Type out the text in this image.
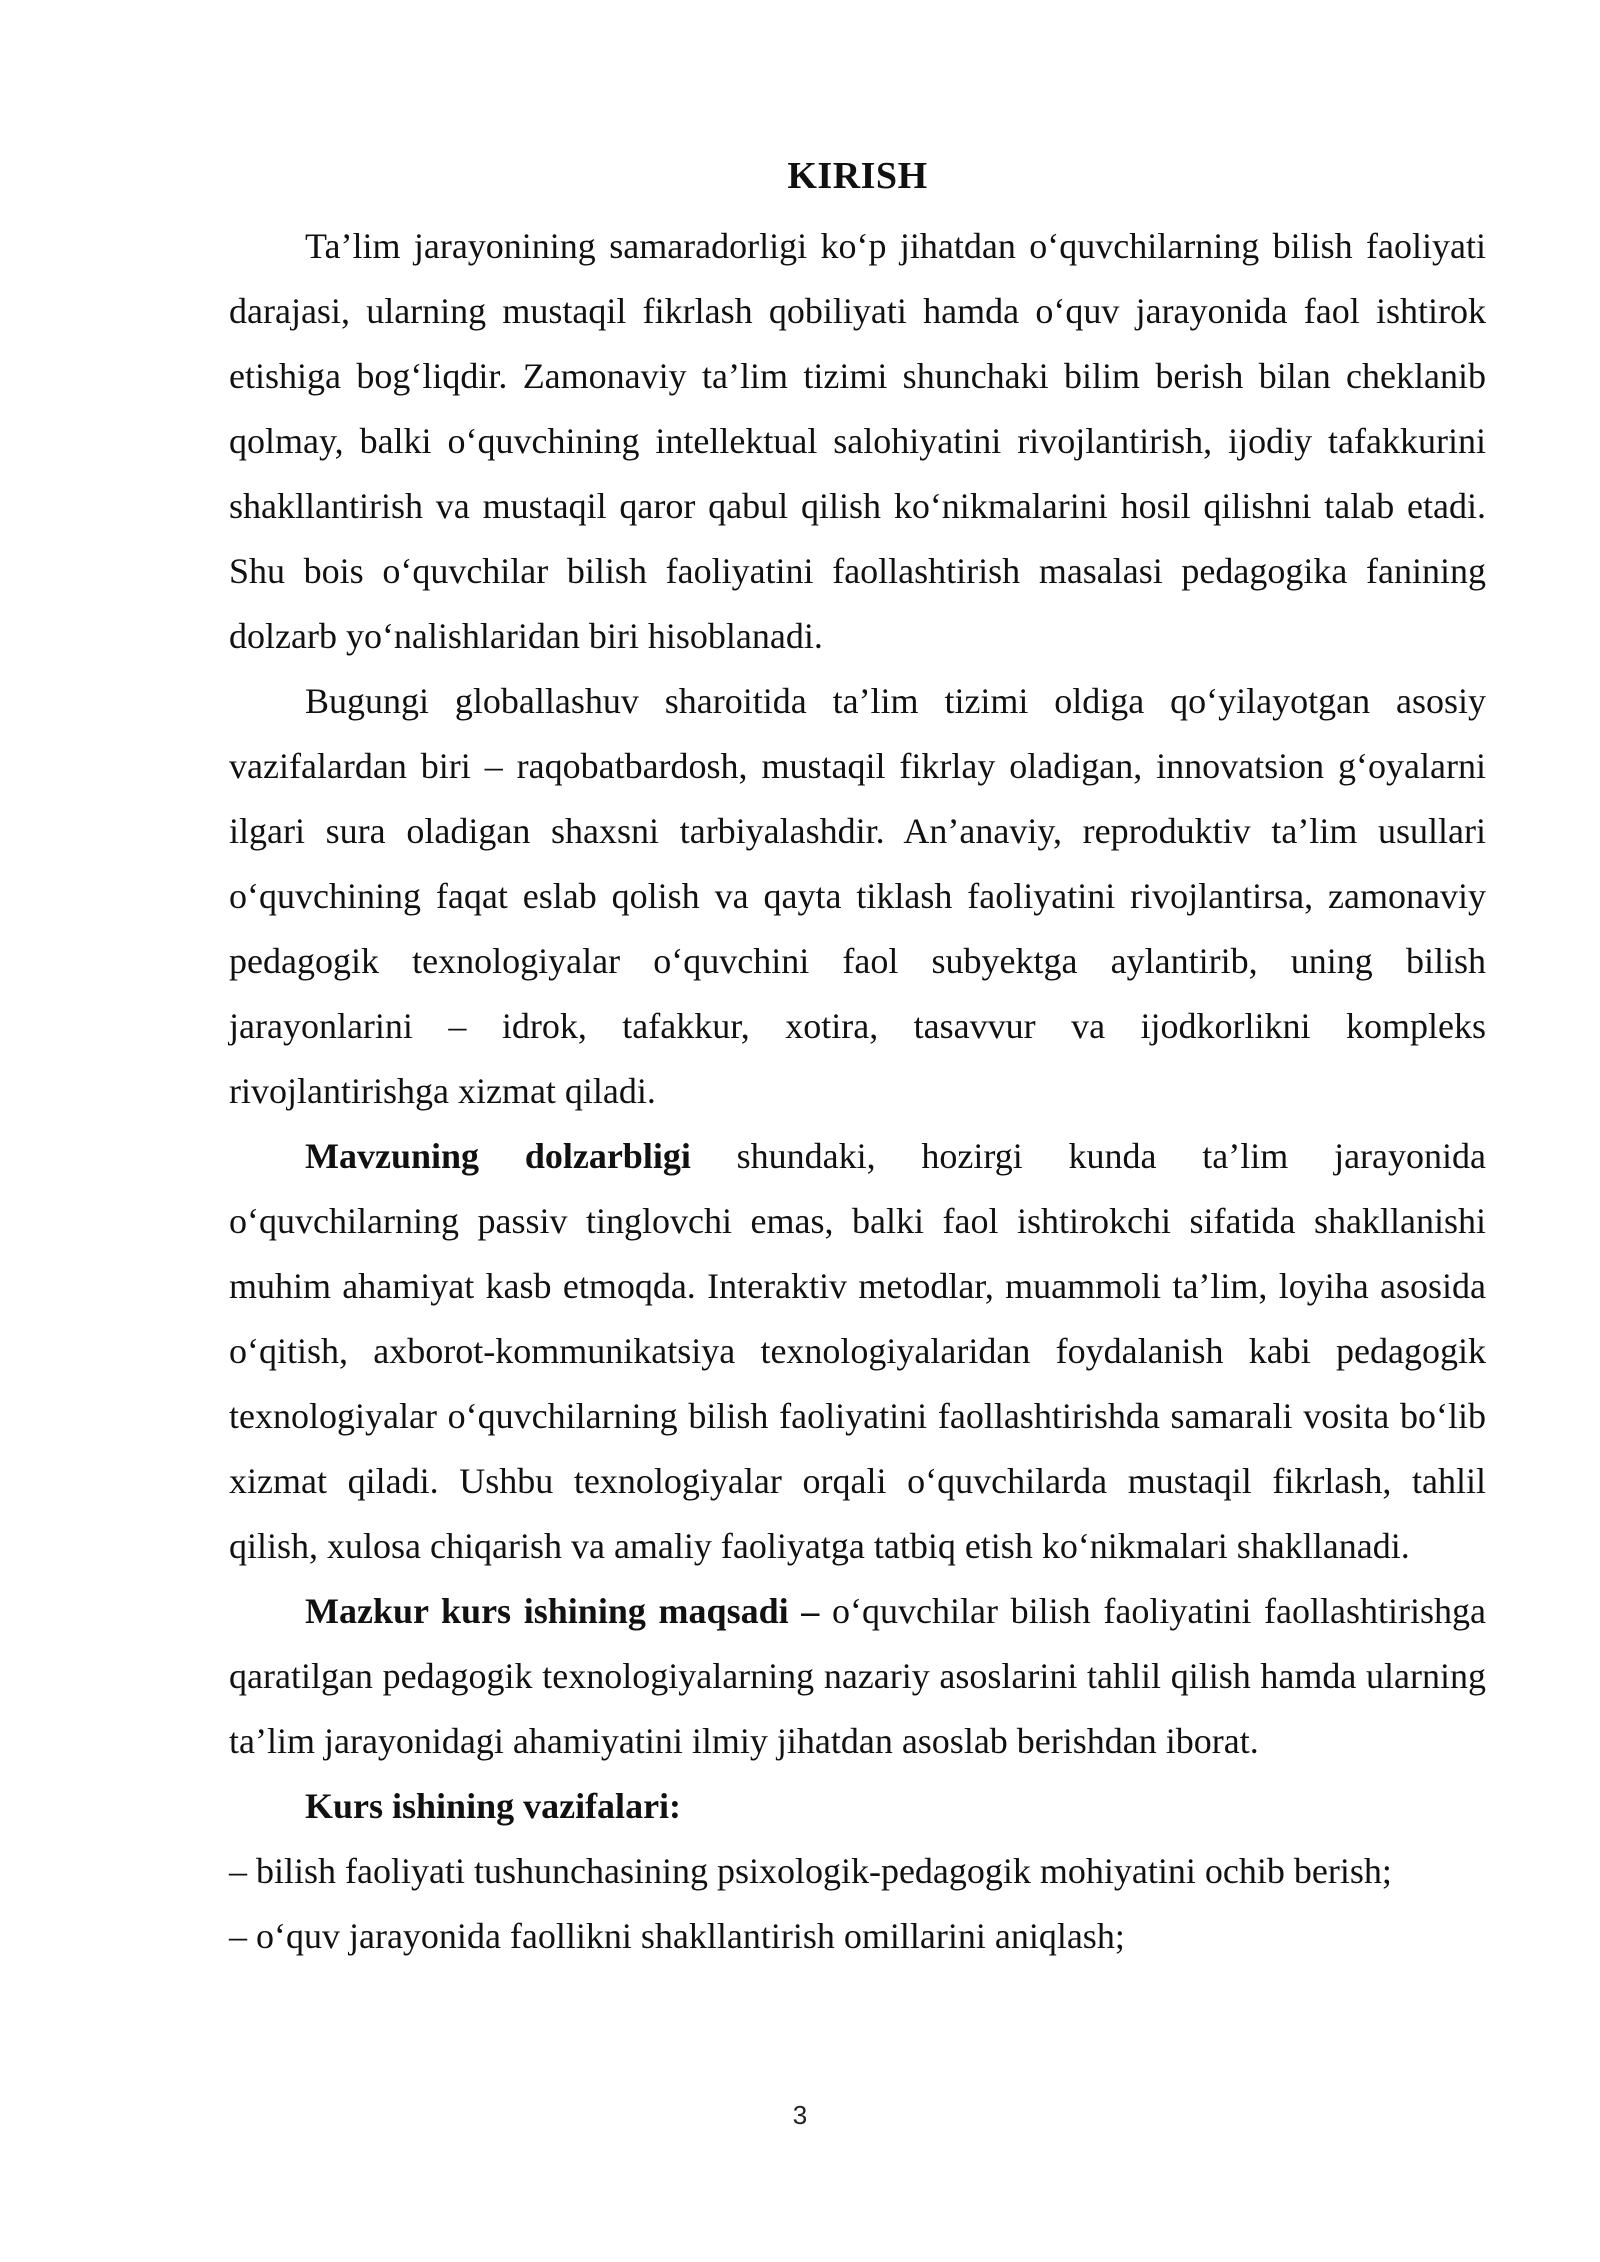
KIRISH

Ta’lim jarayonining samaradorligi ko‘p jihatdan o‘quvchilarning bilish faoliyati darajasi, ularning mustaqil fikrlash qobiliyati hamda o‘quv jarayonida faol ishtirok etishiga bog‘liqdir. Zamonaviy ta’lim tizimi shunchaki bilim berish bilan cheklanib qolmay, balki o‘quvchining intellektual salohiyatini rivojlantirish, ijodiy tafakkurini shakllantirish va mustaqil qaror qabul qilish ko‘nikmalarini hosil qilishni talab etadi. Shu bois o‘quvchilar bilish faoliyatini faollashtirish masalasi pedagogika fanining dolzarb yo‘nalishlaridan biri hisoblanadi.

Bugungi globallashuv sharoitida ta’lim tizimi oldiga qo‘yilayotgan asosiy vazifalardan biri – raqobatbardosh, mustaqil fikrlay oladigan, innovatsion g‘oyalarni ilgari sura oladigan shaxsni tarbiyalashdir. An’anaviy, reproduktiv ta’lim usullari o‘quvchining faqat eslab qolish va qayta tiklash faoliyatini rivojlantirsa, zamonaviy pedagogik texnologiyalar o‘quvchini faol subyektga aylantirib, uning bilish jarayonlarini – idrok, tafakkur, xotira, tasavvur va ijodkorlikni kompleks rivojlantirishga xizmat qiladi.

Mavzuning dolzarbligi shundaki, hozirgi kunda ta’lim jarayonida o‘quvchilarning passiv tinglovchi emas, balki faol ishtirokchi sifatida shakllanishi muhim ahamiyat kasb etmoqda. Interaktiv metodlar, muammoli ta’lim, loyiha asosida o‘qitish, axborot-kommunikatsiya texnologiyalaridan foydalanish kabi pedagogik texnologiyalar o‘quvchilarning bilish faoliyatini faollashtirishda samarali vosita bo‘lib xizmat qiladi. Ushbu texnologiyalar orqali o‘quvchilarda mustaqil fikrlash, tahlil qilish, xulosa chiqarish va amaliy faoliyatga tatbiq etish ko‘nikmalari shakllanadi.

Mazkur kurs ishining maqsadi – o‘quvchilar bilish faoliyatini faollashtirishga qaratilgan pedagogik texnologiyalarning nazariy asoslarini tahlil qilish hamda ularning ta’lim jarayonidagi ahamiyatini ilmiy jihatdan asoslab berishdan iborat.

Kurs ishining vazifalari:

– bilish faoliyati tushunchasining psixologik-pedagogik mohiyatini ochib berish;
– o‘quv jarayonida faollikni shakllantirish omillarini aniqlash;
3
